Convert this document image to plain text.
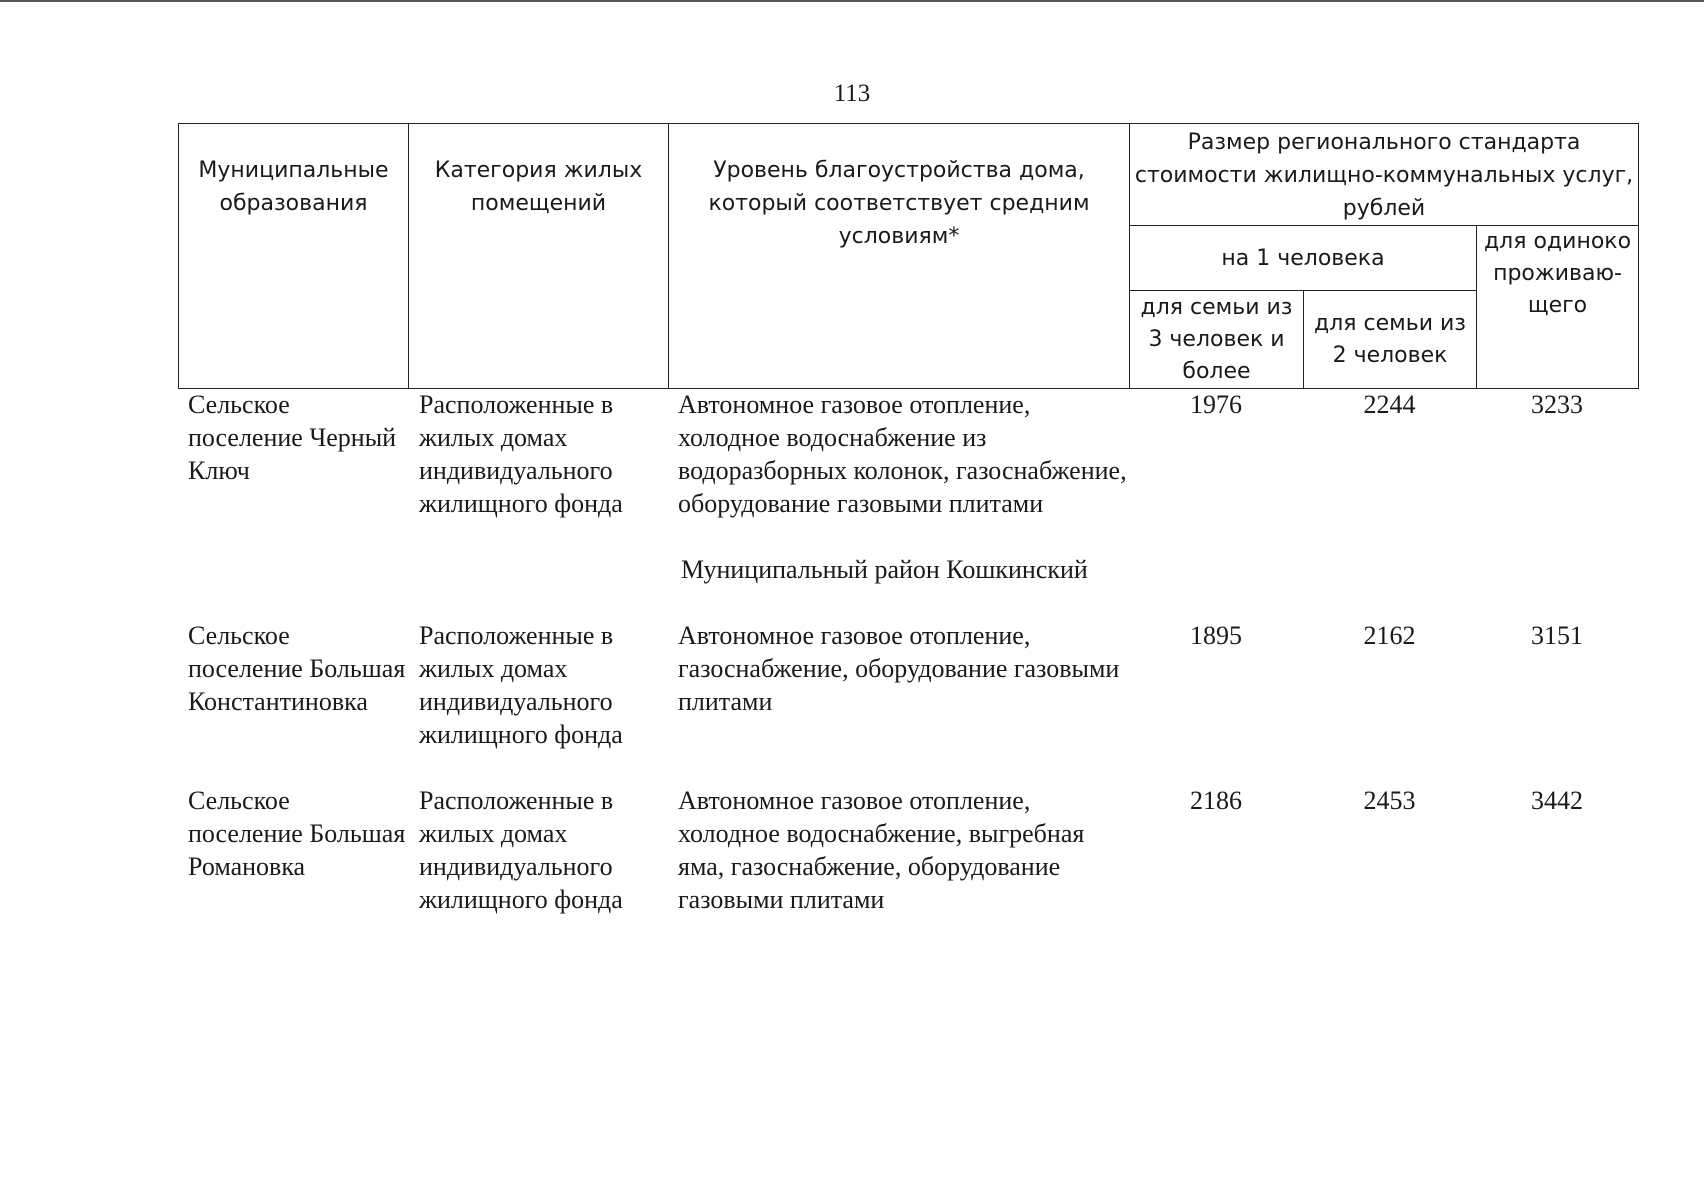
113
Муниципальные образования	Категория жилых помещений	Уровень благоустройства дома, который соответствует средним условиям*	Размер регионального стандарта стоимости жилищно-коммунальных услуг, рублей		
			на 1 человека		для одиноко
проживаю-щего

			для семьи из 3 человек и более	для семьи из 2 человек	
Сельское поселение Черный Ключ	Расположенные в жилых домах индивидуального жилищного фонда	Автономное газовое отопление, холодное водоснабжение из водоразборных колонок, газоснабжение, оборудование газовыми плитами	1976	2244	3233

Муниципальный район Кошкинский					

Сельское поселение Большая Константиновка	Расположенные в жилых домах индивидуального жилищного фонда	Автономное газовое отопление, газоснабжение, оборудование газовыми плитами	1895	2162	3151

Сельское поселение Большая Романовка	Расположенные в жилых домах индивидуального жилищного фонда	Автономное газовое отопление, холодное водоснабжение, выгребная яма, газоснабжение, оборудование газовыми плитами	2186	2453	3442
